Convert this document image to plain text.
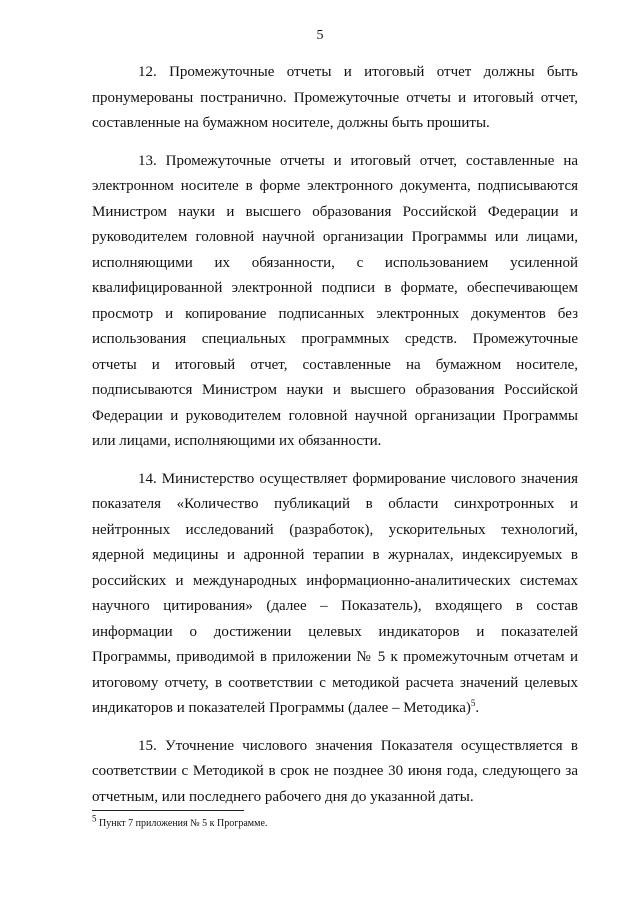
5

12. Промежуточные отчеты и итоговый отчет должны быть пронумерованы постранично. Промежуточные отчеты и итоговый отчет, составленные на бумажном носителе, должны быть прошиты.

13. Промежуточные отчеты и итоговый отчет, составленные на электронном носителе в форме электронного документа, подписываются Министром науки и высшего образования Российской Федерации и руководителем головной научной организации Программы или лицами, исполняющими их обязанности, с использованием усиленной квалифицированной электронной подписи в формате, обеспечивающем просмотр и копирование подписанных электронных документов без использования специальных программных средств. Промежуточные отчеты и итоговый отчет, составленные на бумажном носителе, подписываются Министром науки и высшего образования Российской Федерации и руководителем головной научной организации Программы или лицами, исполняющими их обязанности.

14. Министерство осуществляет формирование числового значения показателя «Количество публикаций в области синхротронных и нейтронных исследований (разработок), ускорительных технологий, ядерной медицины и адронной терапии в журналах, индексируемых в российских и международных информационно-аналитических системах научного цитирования» (далее – Показатель), входящего в состав информации о достижении целевых индикаторов и показателей Программы, приводимой в приложении № 5 к промежуточным отчетам и итоговому отчету, в соответствии с методикой расчета значений целевых индикаторов и показателей Программы (далее – Методика)$^5$.

15. Уточнение числового значения Показателя осуществляется в соответствии с Методикой в срок не позднее 30 июня года, следующего за отчетным, или последнего рабочего дня до указанной даты.

$^5$ Пункт 7 приложения № 5 к Программе.
